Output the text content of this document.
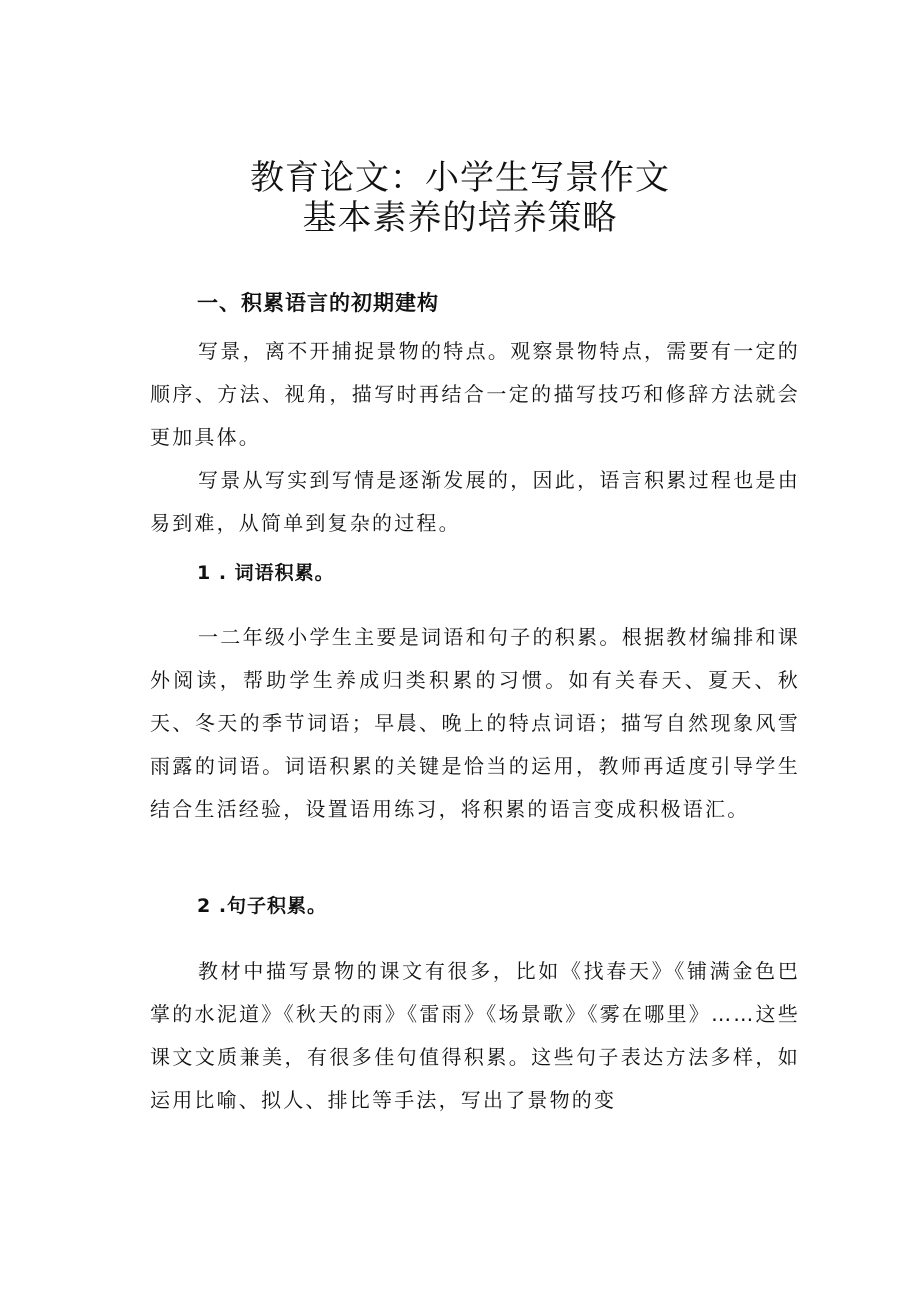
教育论文：小学生写景作文
基本素养的培养策略
一、积累语言的初期建构

写景，离不开捕捉景物的特点。观察景物特点，需要有一定的顺序、方法、视角，描写时再结合一定的描写技巧和修辞方法就会更加具体。

写景从写实到写情是逐渐发展的，因此，语言积累过程也是由易到难，从简单到复杂的过程。

1 . 词语积累。

一二年级小学生主要是词语和句子的积累。根据教材编排和课外阅读，帮助学生养成归类积累的习惯。如有关春天、夏天、秋天、冬天的季节词语；早晨、晚上的特点词语；描写自然现象风雪雨露的词语。词语积累的关键是恰当的运用，教师再适度引导学生结合生活经验，设置语用练习，将积累的语言变成积极语汇。

2 .句子积累。

教材中描写景物的课文有很多，比如《找春天》《铺满金色巴掌的水泥道》《秋天的雨》《雷雨》《场景歌》《雾在哪里》……这些课文文质兼美，有很多佳句值得积累。这些句子表达方法多样，如运用比喻、拟人、排比等手法，写出了景物的变
